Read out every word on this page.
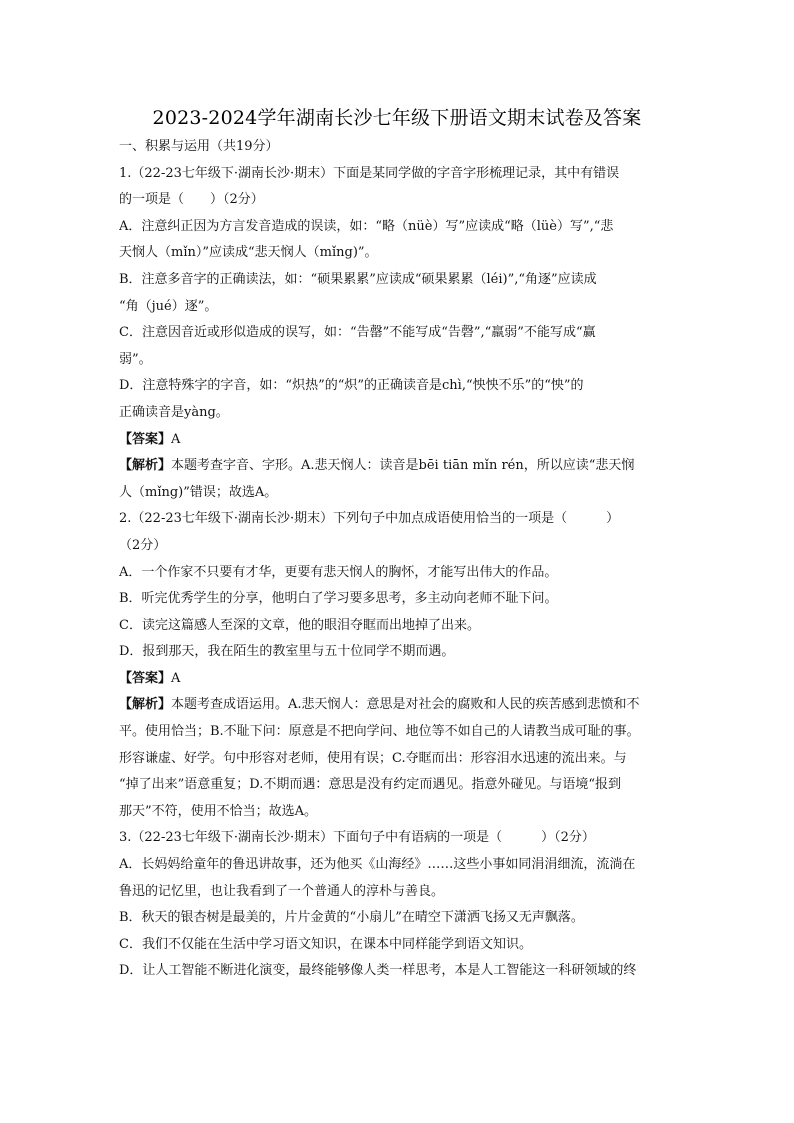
2023-2024学年湖南长沙七年级下册语文期末试卷及答案

一、积累与运用（共19分）

1.（22-23七年级下·湖南长沙·期末）下面是某同学做的字音字形梳理记录，其中有错误

的一项是（　　）（2分）

A．注意纠正因为方言发音造成的误读，如：“略（nüè）写”应读成“略（lüè）写”,“悲

天悯人（mǐn）”应读成“悲天悯人（mǐng)”。

B．注意多音字的正确读法，如：“硕果累累”应读成“硕果累累（léi)”,“角逐”应读成

“角（jué）逐”。

C．注意因音近或形似造成的误写，如：“告罄”不能写成“告磬”,“羸弱”不能写成“赢

弱”。

D．注意特殊字的字音，如：“炽热”的“炽”的正确读音是chì,“怏怏不乐”的“怏”的

正确读音是yàng。

【答案】A

【解析】本题考查字音、字形。A.悲天悯人：读音是bēi tiān mǐn rén，所以应读“悲天悯

人（mǐng)”错误；故选A。

2.（22-23七年级下·湖南长沙·期末）下列句子中加点成语使用恰当的一项是（　　　）

（2分）

A．一个作家不只要有才华，更要有悲天悯人的胸怀，才能写出伟大的作品。

B．听完优秀学生的分享，他明白了学习要多思考，多主动向老师不耻下问。

C．读完这篇感人至深的文章，他的眼泪夺眶而出地掉了出来。

D．报到那天，我在陌生的教室里与五十位同学不期而遇。

【答案】A

【解析】本题考查成语运用。A.悲天悯人：意思是对社会的腐败和人民的疾苦感到悲愤和不

平。使用恰当；B.不耻下问：原意是不把向学问、地位等不如自己的人请教当成可耻的事。

形容谦虚、好学。句中形容对老师，使用有误；C.夺眶而出：形容泪水迅速的流出来。与

“掉了出来”语意重复；D.不期而遇：意思是没有约定而遇见。指意外碰见。与语境“报到

那天”不符，使用不恰当；故选A。

3.（22-23七年级下·湖南长沙·期末）下面句子中有语病的一项是（　　　）（2分）

A．长妈妈给童年的鲁迅讲故事，还为他买《山海经》……这些小事如同涓涓细流，流淌在

鲁迅的记忆里，也让我看到了一个普通人的淳朴与善良。

B．秋天的银杏树是最美的，片片金黄的“小扇儿”在晴空下潇洒飞扬又无声飘落。

C．我们不仅能在生活中学习语文知识，在课本中同样能学到语文知识。

D．让人工智能不断进化演变，最终能够像人类一样思考，本是人工智能这一科研领域的终
